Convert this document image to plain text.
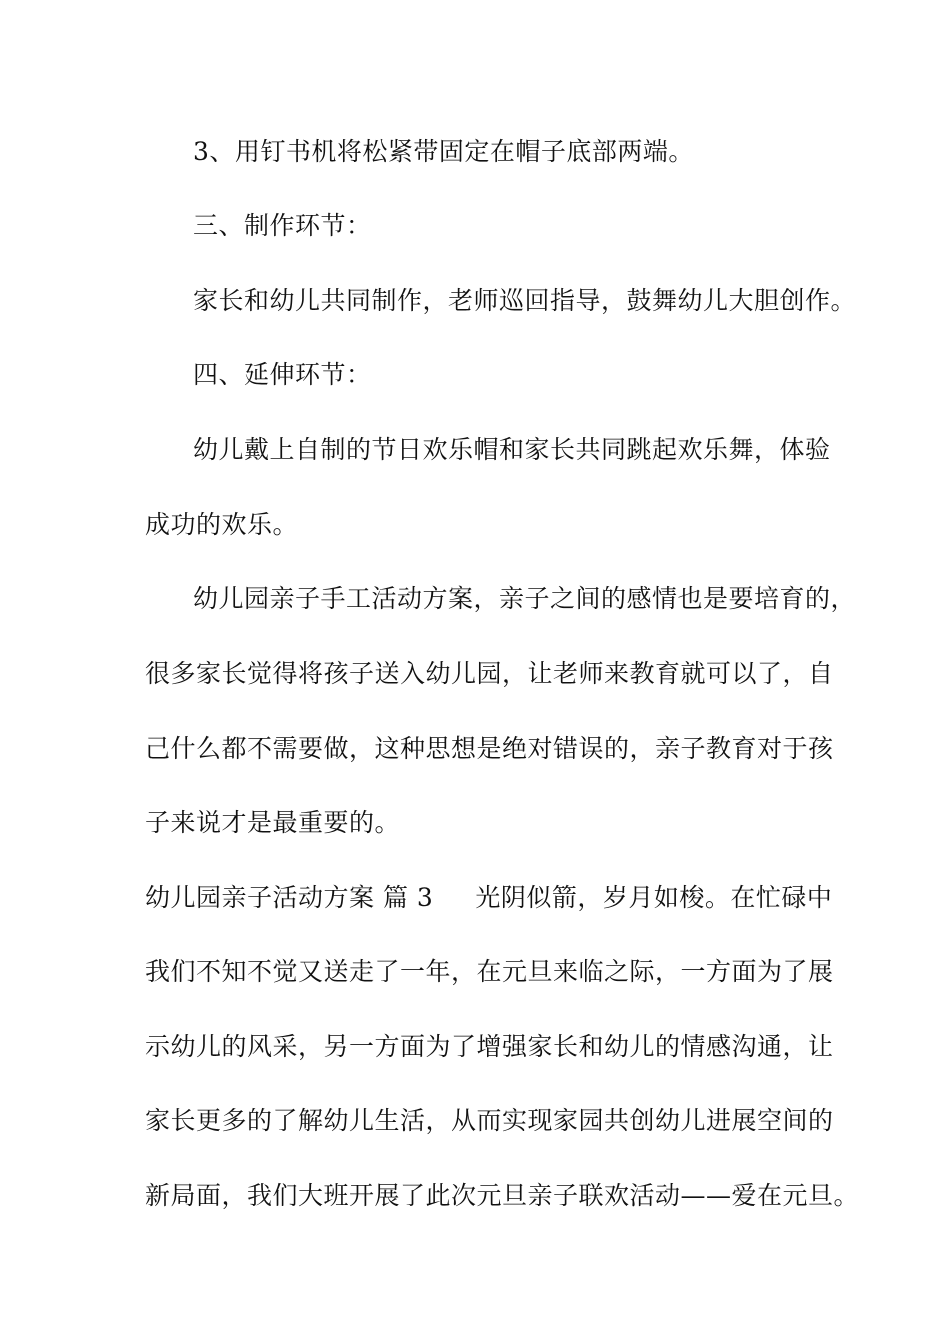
3、用钉书机将松紧带固定在帽子底部两端。
三、制作环节：
家长和幼儿共同制作，老师巡回指导，鼓舞幼儿大胆创作。
四、延伸环节：
幼儿戴上自制的节日欢乐帽和家长共同跳起欢乐舞，体验
成功的欢乐。
幼儿园亲子手工活动方案，亲子之间的感情也是要培育的，
很多家长觉得将孩子送入幼儿园，让老师来教育就可以了，自
己什么都不需要做，这种思想是绝对错误的，亲子教育对于孩
子来说才是最重要的。
幼儿园亲子活动方案 篇 3 光阴似箭，岁月如梭。在忙碌中
我们不知不觉又送走了一年，在元旦来临之际，一方面为了展
示幼儿的风采，另一方面为了增强家长和幼儿的情感沟通，让
家长更多的了解幼儿生活，从而实现家园共创幼儿进展空间的
新局面，我们大班开展了此次元旦亲子联欢活动——爱在元旦。
